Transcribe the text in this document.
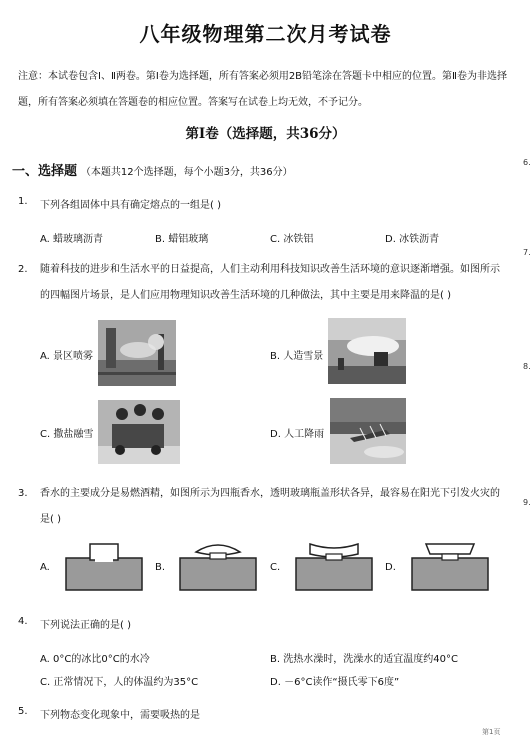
八年级物理第二次月考试卷
注意：本试卷包含Ⅰ、Ⅱ两卷。第Ⅰ卷为选择题，所有答案必须用2B铅笔涂在答题卡中相应的位置。第Ⅱ卷为非选择题，所有答案必须填在答题卷的相应位置。答案写在试卷上均无效，不予记分。
第Ⅰ卷（选择题，共36分）
一、选择题 （本题共12个选择题，每个小题3分，共36分）
6.
7.
8.
9.
1. 下列各组固体中具有确定熔点的一组是( )
A. 蜡玻璃沥青	B. 蜡铝玻璃	C. 冰铁铝	D. 冰铁沥青
2. 随着科技的进步和生活水平的日益提高，人们主动利用科技知识改善生活环境的意识逐渐增强。如图所示的四幅图片场景，是人们应用物理知识改善生活环境的几种做法，其中主要是用来降温的是( )
A. 景区喷雾	B. 人造雪景
C. 撒盐融雪	D. 人工降雨
3. 香水的主要成分是易燃酒精，如图所示为四瓶香水，透明玻璃瓶盖形状各异，最容易在阳光下引发火灾的是( )
A.	B.	C.	D.
4. 下列说法正确的是( )
A. 0°C的冰比0°C的水冷	B. 洗热水澡时，洗澡水的适宜温度约40°C
C. 正常情况下，人的体温约为35°C	D. －6°C读作“摄氏零下6度”
5. 下列物态变化现象中，需要吸热的是
第1页
